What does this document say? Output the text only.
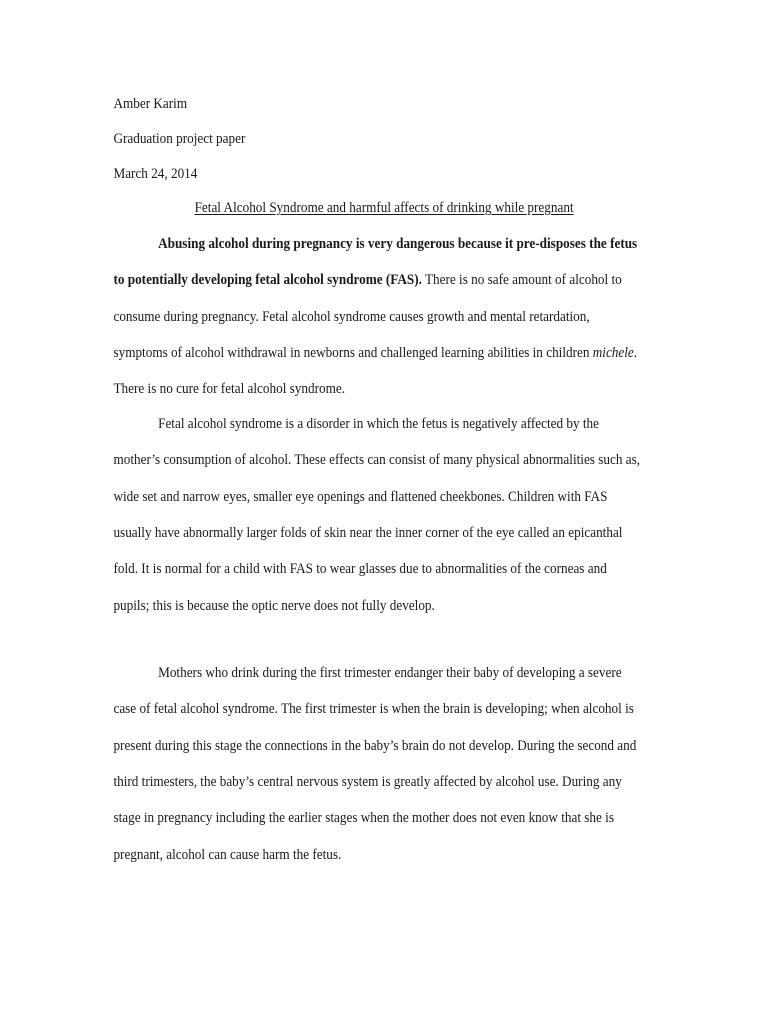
Amber Karim

Graduation project paper

March 24, 2014

Fetal Alcohol Syndrome and harmful affects of drinking while pregnant

Abusing alcohol during pregnancy is very dangerous because it pre-disposes the fetus to potentially developing fetal alcohol syndrome (FAS). There is no safe amount of alcohol to consume during pregnancy. Fetal alcohol syndrome causes growth and mental retardation, symptoms of alcohol withdrawal in newborns and challenged learning abilities in children michele. There is no cure for fetal alcohol syndrome.

Fetal alcohol syndrome is a disorder in which the fetus is negatively affected by the mother’s consumption of alcohol. These effects can consist of many physical abnormalities such as, wide set and narrow eyes, smaller eye openings and flattened cheekbones. Children with FAS usually have abnormally larger folds of skin near the inner corner of the eye called an epicanthal fold. It is normal for a child with FAS to wear glasses due to abnormalities of the corneas and pupils; this is because the optic nerve does not fully develop.

Mothers who drink during the first trimester endanger their baby of developing a severe case of fetal alcohol syndrome. The first trimester is when the brain is developing; when alcohol is present during this stage the connections in the baby’s brain do not develop. During the second and third trimesters, the baby’s central nervous system is greatly affected by alcohol use. During any stage in pregnancy including the earlier stages when the mother does not even know that she is pregnant, alcohol can cause harm the fetus.
